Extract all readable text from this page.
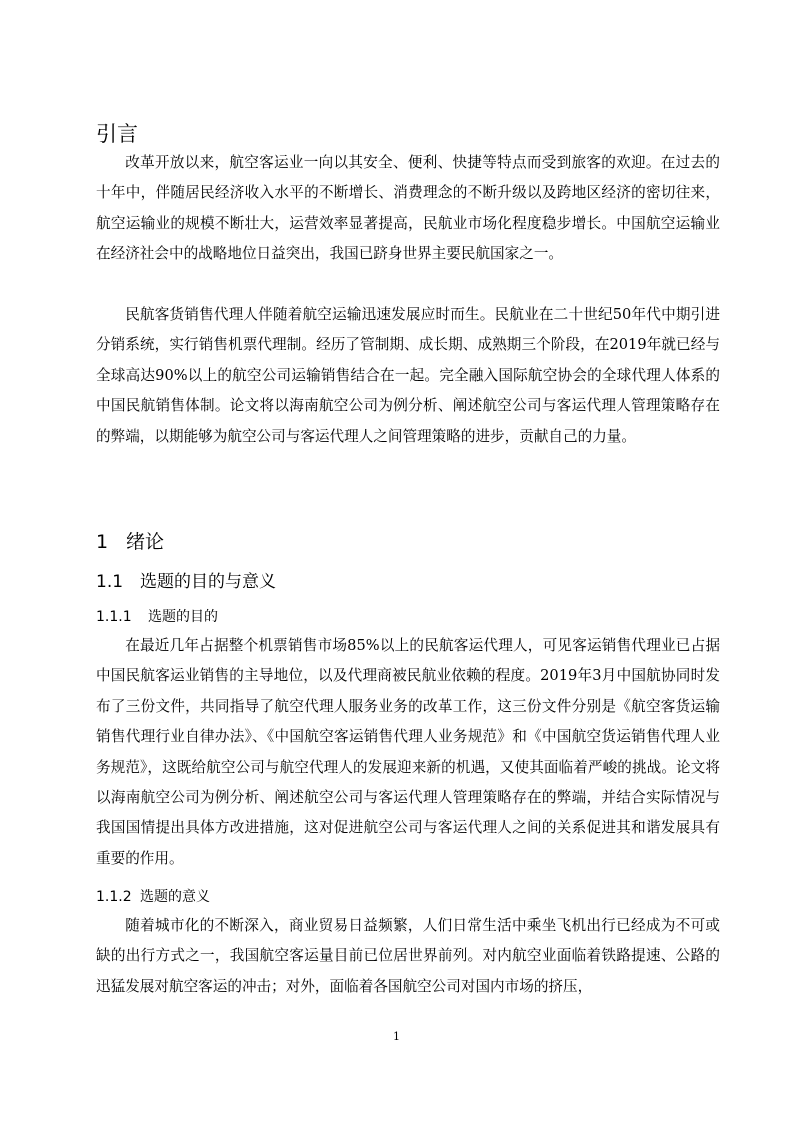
引言

改革开放以来，航空客运业一向以其安全、便利、快捷等特点而受到旅客的欢迎。在过去的十年中，伴随居民经济收入水平的不断增长、消费理念的不断升级以及跨地区经济的密切往来，航空运输业的规模不断壮大，运营效率显著提高，民航业市场化程度稳步增长。中国航空运输业在经济社会中的战略地位日益突出，我国已跻身世界主要民航国家之一。

民航客货销售代理人伴随着航空运输迅速发展应时而生。民航业在二十世纪50年代中期引进分销系统，实行销售机票代理制。经历了管制期、成长期、成熟期三个阶段，在2019年就已经与全球高达90%以上的航空公司运输销售结合在一起。完全融入国际航空协会的全球代理人体系的中国民航销售体制。论文将以海南航空公司为例分析、阐述航空公司与客运代理人管理策略存在的弊端，以期能够为航空公司与客运代理人之间管理策略的进步，贡献自己的力量。

1 绪论
1.1 选题的目的与意义
1.1.1 选题的目的

在最近几年占据整个机票销售市场85%以上的民航客运代理人，可见客运销售代理业已占据中国民航客运业销售的主导地位，以及代理商被民航业依赖的程度。2019年3月中国航协同时发布了三份文件，共同指导了航空代理人服务业务的改革工作，这三份文件分别是《航空客货运输销售代理行业自律办法》、《中国航空客运销售代理人业务规范》和《中国航空货运销售代理人业务规范》，这既给航空公司与航空代理人的发展迎来新的机遇，又使其面临着严峻的挑战。论文将以海南航空公司为例分析、阐述航空公司与客运代理人管理策略存在的弊端，并结合实际情况与我国国情提出具体方改进措施，这对促进航空公司与客运代理人之间的关系促进其和谐发展具有重要的作用。

1.1.2 选题的意义

随着城市化的不断深入，商业贸易日益频繁，人们日常生活中乘坐飞机出行已经成为不可或缺的出行方式之一，我国航空客运量目前已位居世界前列。对内航空业面临着铁路提速、公路的迅猛发展对航空客运的冲击；对外，面临着各国航空公司对国内市场的挤压，

1
